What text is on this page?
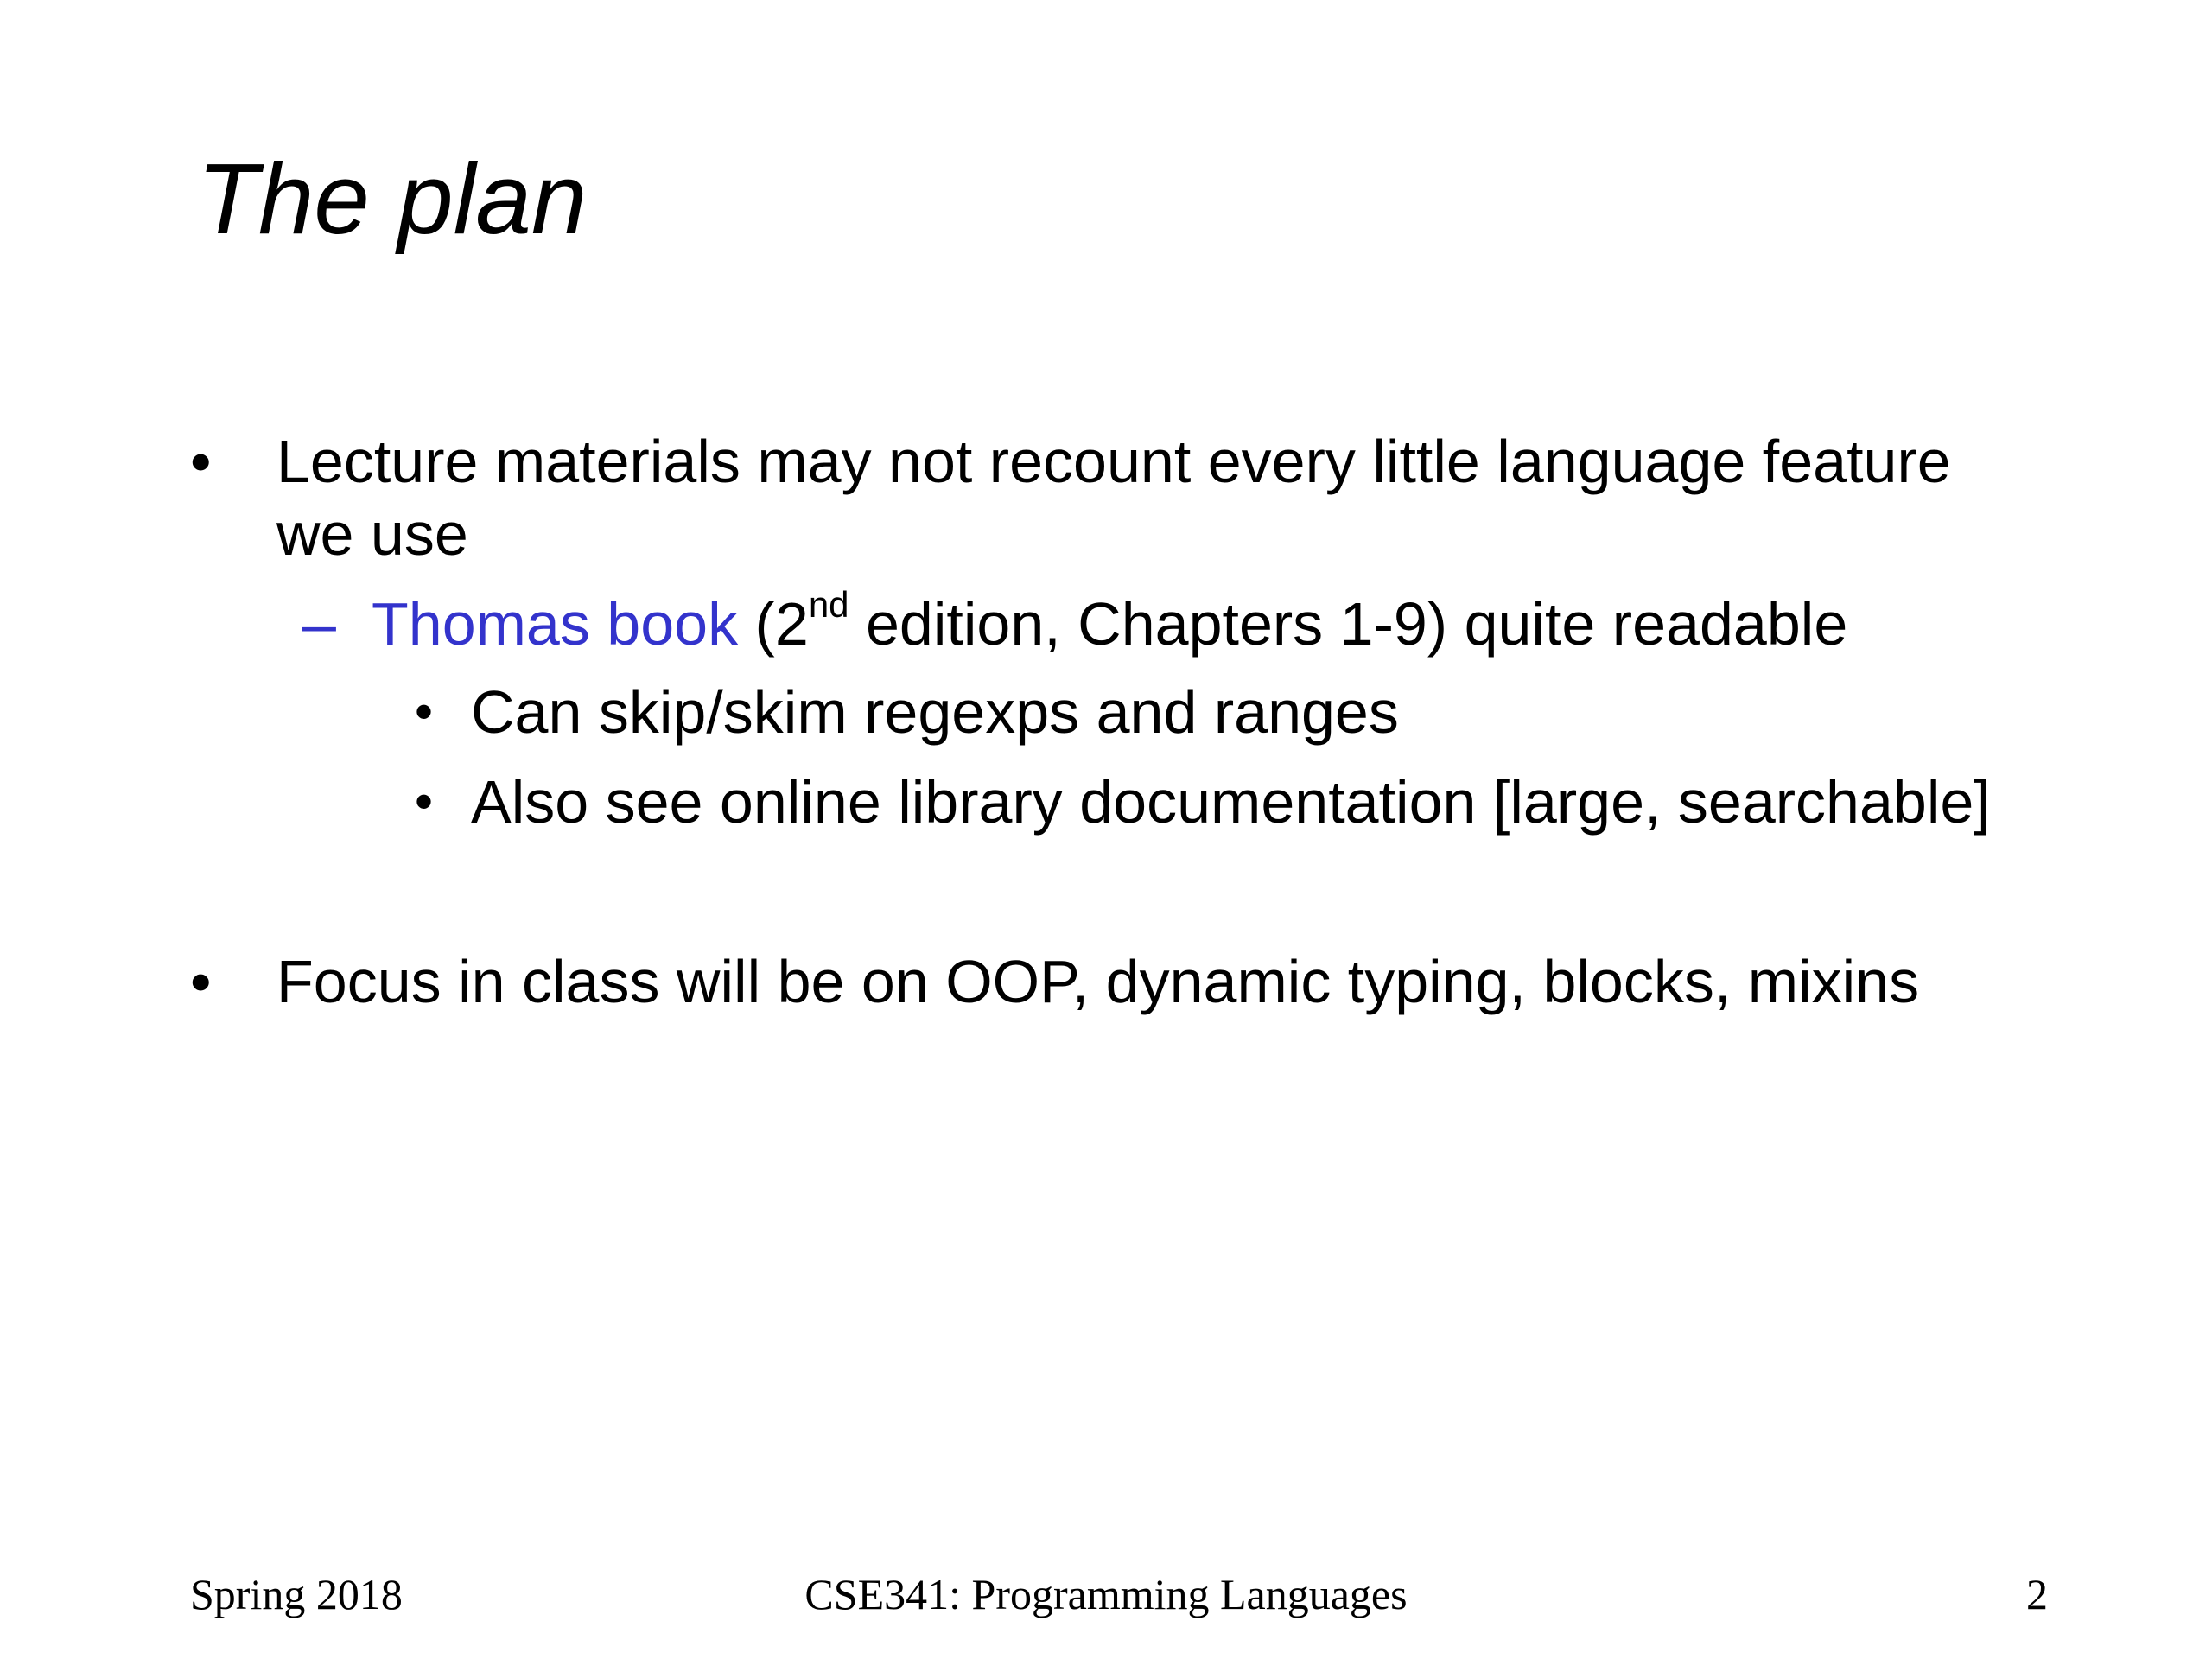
The plan
• Lecture materials may not recount every little language feature
we use
– Thomas book (2nd edition, Chapters 1-9) quite readable
• Can skip/skim regexps and ranges
• Also see online library documentation [large, searchable]
• Focus in class will be on OOP, dynamic typing, blocks, mixins
Spring 2018	CSE341: Programming Languages	2
